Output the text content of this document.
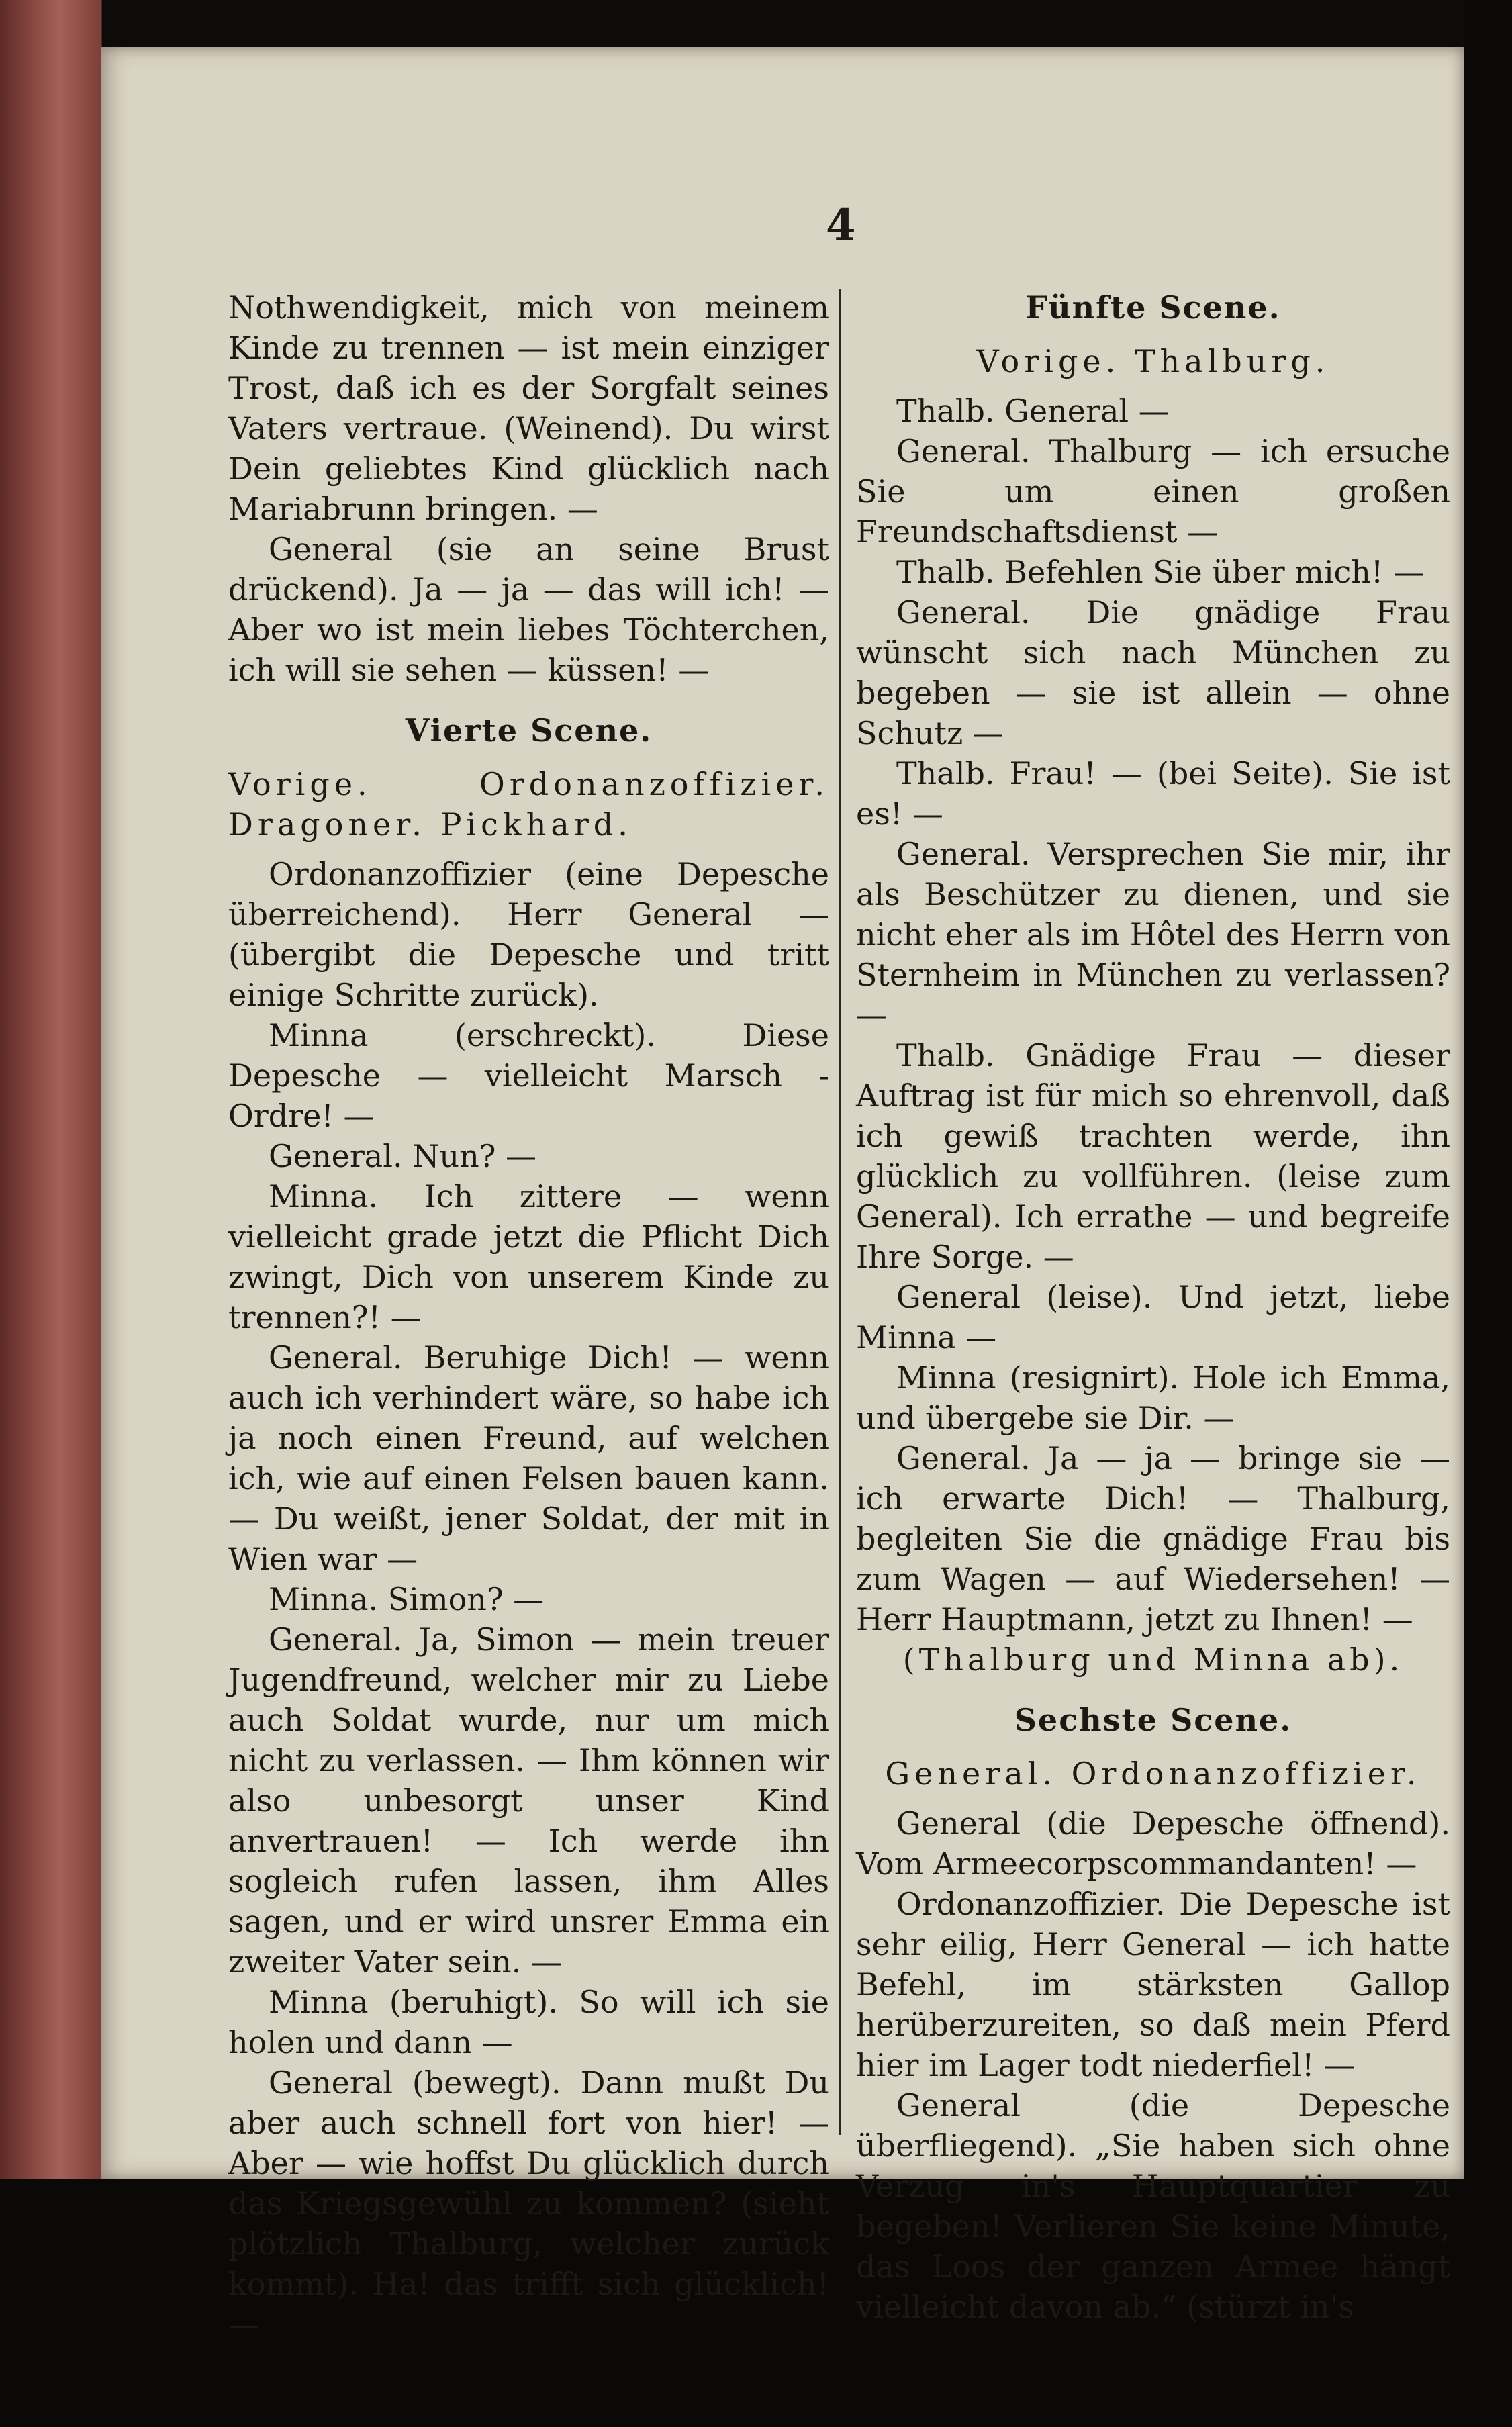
4

Nothwendigkeit, mich von meinem Kinde zu trennen — ist mein einziger Trost, daß ich es der Sorgfalt seines Vaters vertraue. (Weinend). Du wirst Dein geliebtes Kind glücklich nach Mariabrunn bringen. —

General (sie an seine Brust drückend). Ja — ja — das will ich! — Aber wo ist mein liebes Töchterchen, ich will sie sehen — küssen! —

Vierte Scene.

Vorige. Ordonanzoffizier. Dragoner. Pickhard.

Ordonanzoffizier (eine Depesche überreichend). Herr General — (übergibt die Depesche und tritt einige Schritte zurück).

Minna (erschreckt). Diese Depesche — vielleicht Marsch - Ordre! —

General. Nun? —

Minna. Ich zittere — wenn vielleicht grade jetzt die Pflicht Dich zwingt, Dich von unserem Kinde zu trennen?! —

General. Beruhige Dich! — wenn auch ich verhindert wäre, so habe ich ja noch einen Freund, auf welchen ich, wie auf einen Felsen bauen kann. — Du weißt, jener Soldat, der mit in Wien war —

Minna. Simon? —

General. Ja, Simon — mein treuer Jugendfreund, welcher mir zu Liebe auch Soldat wurde, nur um mich nicht zu verlassen. — Ihm können wir also unbesorgt unser Kind anvertrauen! — Ich werde ihn sogleich rufen lassen, ihm Alles sagen, und er wird unsrer Emma ein zweiter Vater sein. —

Minna (beruhigt). So will ich sie holen und dann —

General (bewegt). Dann mußt Du aber auch schnell fort von hier! — Aber — wie hoffst Du glücklich durch das Kriegsgewühl zu kommen? (sieht plötzlich Thalburg, welcher zurück kommt). Ha! das trifft sich glücklich! —

Fünfte Scene.

Vorige. Thalburg.

Thalb. General —

General. Thalburg — ich ersuche Sie um einen großen Freundschaftsdienst —

Thalb. Befehlen Sie über mich! —

General. Die gnädige Frau wünscht sich nach München zu begeben — sie ist allein — ohne Schutz —

Thalb. Frau! — (bei Seite). Sie ist es! —

General. Versprechen Sie mir, ihr als Beschützer zu dienen, und sie nicht eher als im Hôtel des Herrn von Sternheim in München zu verlassen? —

Thalb. Gnädige Frau — dieser Auftrag ist für mich so ehrenvoll, daß ich gewiß trachten werde, ihn glücklich zu vollführen. (leise zum General). Ich errathe — und begreife Ihre Sorge. —

General (leise). Und jetzt, liebe Minna —

Minna (resignirt). Hole ich Emma, und übergebe sie Dir. —

General. Ja — ja — bringe sie — ich erwarte Dich! — Thalburg, begleiten Sie die gnädige Frau bis zum Wagen — auf Wiedersehen! — Herr Hauptmann, jetzt zu Ihnen! —

(Thalburg und Minna ab).

Sechste Scene.

General. Ordonanzoffizier.

General (die Depesche öffnend). Vom Armeecorpscommandanten! —

Ordonanzoffizier. Die Depesche ist sehr eilig, Herr General — ich hatte Befehl, im stärksten Gallop herüberzureiten, so daß mein Pferd hier im Lager todt niederfiel! —

General (die Depesche überfliegend). „Sie haben sich ohne Verzug in's Hauptquartier zu begeben! Verlieren Sie keine Minute, das Loos der ganzen Armee hängt vielleicht davon ab.“ (stürzt in's
